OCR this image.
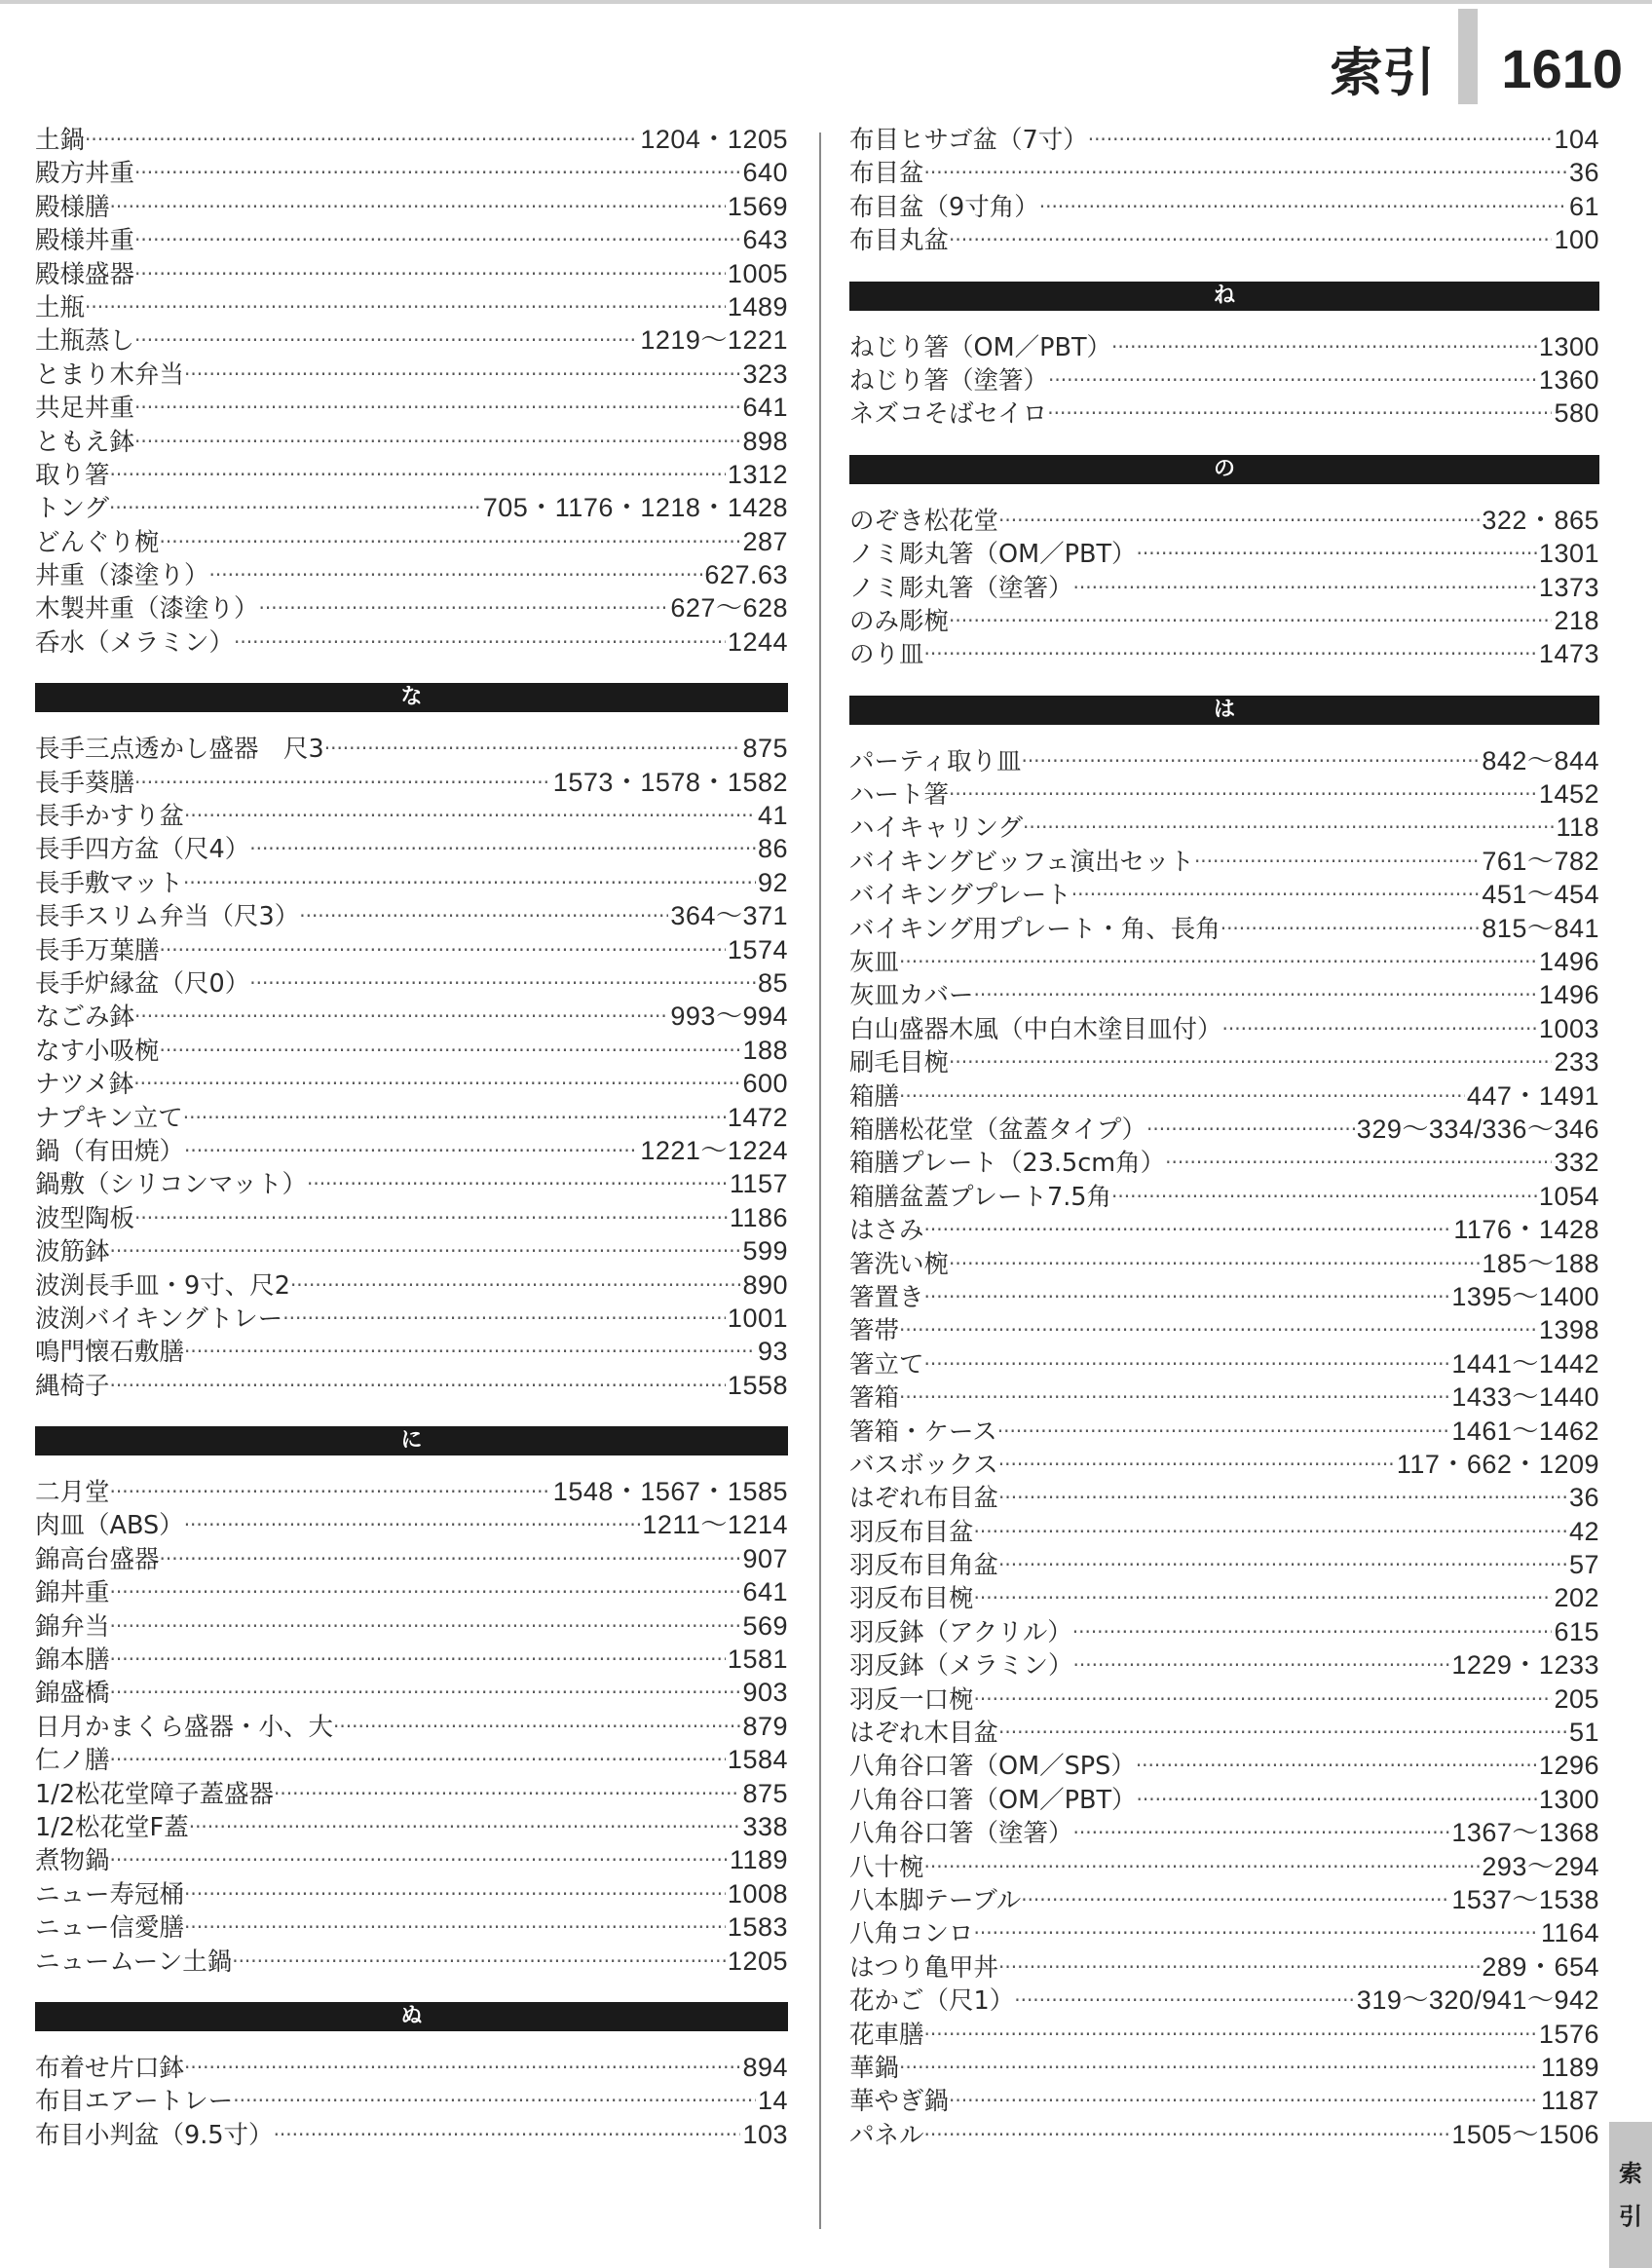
索引 1610
土鍋 ·····	1204・1205
殿方丼重 ·····	640
殿様膳 ·····	1569
殿様丼重 ·····	643
殿様盛器 ·····	1005
土瓶 ·····	1489
土瓶蒸し ·····	1219～1221
とまり木弁当 ·····	323
共足丼重 ·····	641
ともえ鉢 ·····	898
取り箸 ·····	1312
トング ·····	705・1176・1218・1428
どんぐり椀 ·····	287
丼重（漆塗り） ·····	627.63
木製丼重（漆塗り） ·····	627～628
呑水（メラミン） ·····	1244
な
長手三点透かし盛器　尺3 ·····	875
長手葵膳 ·····	1573・1578・1582
長手かすり盆 ·····	41
長手四方盆（尺4） ·····	86
長手敷マット ·····	92
長手スリム弁当（尺3） ·····	364～371
長手万葉膳 ·····	1574
長手炉縁盆（尺0） ·····	85
なごみ鉢 ·····	993～994
なす小吸椀 ·····	188
ナツメ鉢 ·····	600
ナプキン立て ·····	1472
鍋（有田焼） ·····	1221～1224
鍋敷（シリコンマット） ·····	1157
波型陶板 ·····	1186
波筋鉢 ·····	599
波渕長手皿・9寸、尺2 ·····	890
波渕バイキングトレー ·····	1001
鳴門懐石敷膳 ·····	93
縄椅子 ·····	1558
に
二月堂 ·····	1548・1567・1585
肉皿（ABS） ·····	1211～1214
錦高台盛器 ·····	907
錦丼重 ·····	641
錦弁当 ·····	569
錦本膳 ·····	1581
錦盛橋 ·····	903
日月かまくら盛器・小、大 ·····	879
仁ノ膳 ·····	1584
1/2松花堂障子蓋盛器 ·····	875
1/2松花堂F蓋 ·····	338
煮物鍋 ·····	1189
ニュー寿冠桶 ·····	1008
ニュー信愛膳 ·····	1583
ニュームーン土鍋 ·····	1205
ぬ
布着せ片口鉢 ·····	894
布目エアートレー ·····	14
布目小判盆（9.5寸） ·····	103
布目ヒサゴ盆（7寸） ·····	104
布目盆 ·····	36
布目盆（9寸角） ·····	61
布目丸盆 ·····	100
ね
ねじり箸（OM／PBT） ·····	1300
ねじり箸（塗箸） ·····	1360
ネズコそばセイロ ·····	580
の
のぞき松花堂 ·····	322・865
ノミ彫丸箸（OM／PBT） ·····	1301
ノミ彫丸箸（塗箸） ·····	1373
のみ彫椀 ·····	218
のり皿 ·····	1473
は
パーティ取り皿 ·····	842～844
ハート箸 ·····	1452
ハイキャリング ·····	118
バイキングビッフェ演出セット ·····	761～782
バイキングプレート ·····	451～454
バイキング用プレート・角、長角 ·····	815～841
灰皿 ·····	1496
灰皿カバー ·····	1496
白山盛器木風（中白木塗目皿付） ·····	1003
刷毛目椀 ·····	233
箱膳 ·····	447・1491
箱膳松花堂（盆蓋タイプ） ·····	329～334/336～346
箱膳プレート（23.5cm角） ·····	332
箱膳盆蓋プレート7.5角 ·····	1054
はさみ ·····	1176・1428
箸洗い椀 ·····	185～188
箸置き ·····	1395～1400
箸帯 ·····	1398
箸立て ·····	1441～1442
箸箱 ·····	1433～1440
箸箱・ケース ·····	1461～1462
バスボックス ·····	117・662・1209
はぞれ布目盆 ·····	36
羽反布目盆 ·····	42
羽反布目角盆 ·····	57
羽反布目椀 ·····	202
羽反鉢（アクリル） ·····	615
羽反鉢（メラミン） ·····	1229・1233
羽反一口椀 ·····	205
はぞれ木目盆 ·····	51
八角谷口箸（OM／SPS） ·····	1296
八角谷口箸（OM／PBT） ·····	1300
八角谷口箸（塗箸） ·····	1367～1368
八十椀 ·····	293～294
八本脚テーブル ·····	1537～1538
八角コンロ ·····	1164
はつり亀甲丼 ·····	289・654
花かご（尺1） ·····	319～320/941～942
花車膳 ·····	1576
華鍋 ·····	1189
華やぎ鍋 ·····	1187
パネル ·····	1505～1506
索
引
